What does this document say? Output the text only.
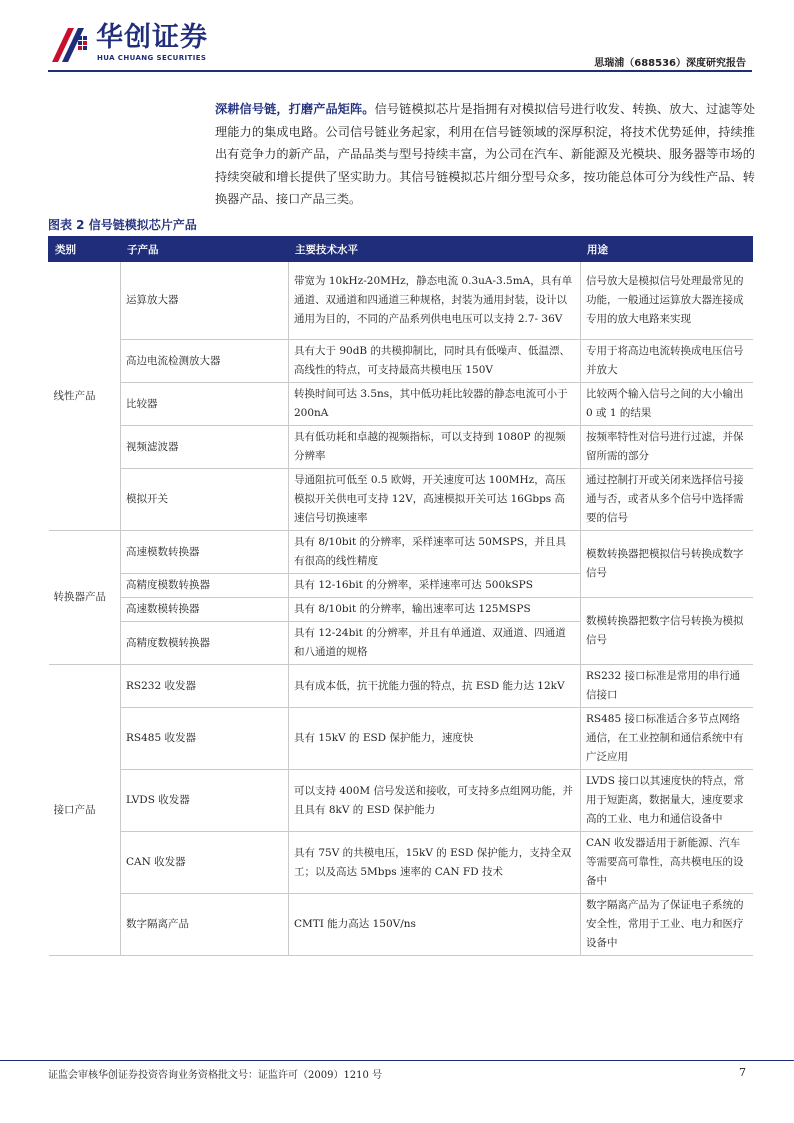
华创证券
HUA CHUANG SECURITIES	思瑞浦（688536）深度研究报告

深耕信号链，打磨产品矩阵。信号链模拟芯片是指拥有对模拟信号进行收发、转换、放大、过滤等处理能力的集成电路。公司信号链业务起家，利用在信号链领域的深厚积淀，将技术优势延伸，持续推出有竞争力的新产品，产品品类与型号持续丰富，为公司在汽车、新能源及光模块、服务器等市场的持续突破和增长提供了坚实助力。其信号链模拟芯片细分型号众多，按功能总体可分为线性产品、转换器产品、接口产品三类。

图表 2 信号链模拟芯片产品
类别	子产品	主要技术水平	用途
线性产品	运算放大器	带宽为 10kHz-20MHz，静态电流 0.3uA-3.5mA，具有单通道、双通道和四通道三种规格，封装为通用封装，设计以通用为目的，不同的产品系列供电电压可以支持 2.7- 36V	信号放大是模拟信号处理最常见的功能，一般通过运算放大器连接成专用的放大电路来实现
	高边电流检测放大器	具有大于 90dB 的共模抑制比，同时具有低噪声、低温漂、高线性的特点，可支持最高共模电压 150V	专用于将高边电流转换成电压信号并放大
	比较器	转换时间可达 3.5ns，其中低功耗比较器的静态电流可小于 200nA	比较两个输入信号之间的大小输出 0 或 1 的结果
	视频滤波器	具有低功耗和卓越的视频指标，可以支持到 1080P 的视频分辨率	按频率特性对信号进行过滤，并保留所需的部分
	模拟开关	导通阻抗可低至 0.5 欧姆，开关速度可达 100MHz，高压模拟开关供电可支持 12V，高速模拟开关可达 16Gbps 高速信号切换速率	通过控制打开或关闭来选择信号接通与否，或者从多个信号中选择需要的信号
转换器产品	高速模数转换器	具有 8/10bit 的分辨率，采样速率可达 50MSPS，并且具有很高的线性精度	模数转换器把模拟信号转换成数字信号
	高精度模数转换器	具有 12-16bit 的分辨率，采样速率可达 500kSPS	
	高速数模转换器	具有 8/10bit 的分辨率，输出速率可达 125MSPS	数模转换器把数字信号转换为模拟信号
	高精度数模转换器	具有 12-24bit 的分辨率，并且有单通道、双通道、四通道和八通道的规格	
接口产品	RS232 收发器	具有成本低，抗干扰能力强的特点，抗 ESD 能力达 12kV	RS232 接口标准是常用的串行通信接口
	RS485 收发器	具有 15kV 的 ESD 保护能力，速度快	RS485 接口标准适合多节点网络通信，在工业控制和通信系统中有广泛应用
	LVDS 收发器	可以支持 400M 信号发送和接收，可支持多点组网功能，并且具有 8kV 的 ESD 保护能力	LVDS 接口以其速度快的特点，常用于短距离，数据量大，速度要求高的工业、电力和通信设备中
	CAN 收发器	具有 75V 的共模电压，15kV 的 ESD 保护能力，支持全双工；以及高达 5Mbps 速率的 CAN FD 技术	CAN 收发器适用于新能源、汽车等需要高可靠性，高共模电压的设备中
	数字隔离产品	CMTI 能力高达 150V/ns	数字隔离产品为了保证电子系统的安全性，常用于工业、电力和医疗设备中
证监会审核华创证券投资咨询业务资格批文号：证监许可（2009）1210 号	7
